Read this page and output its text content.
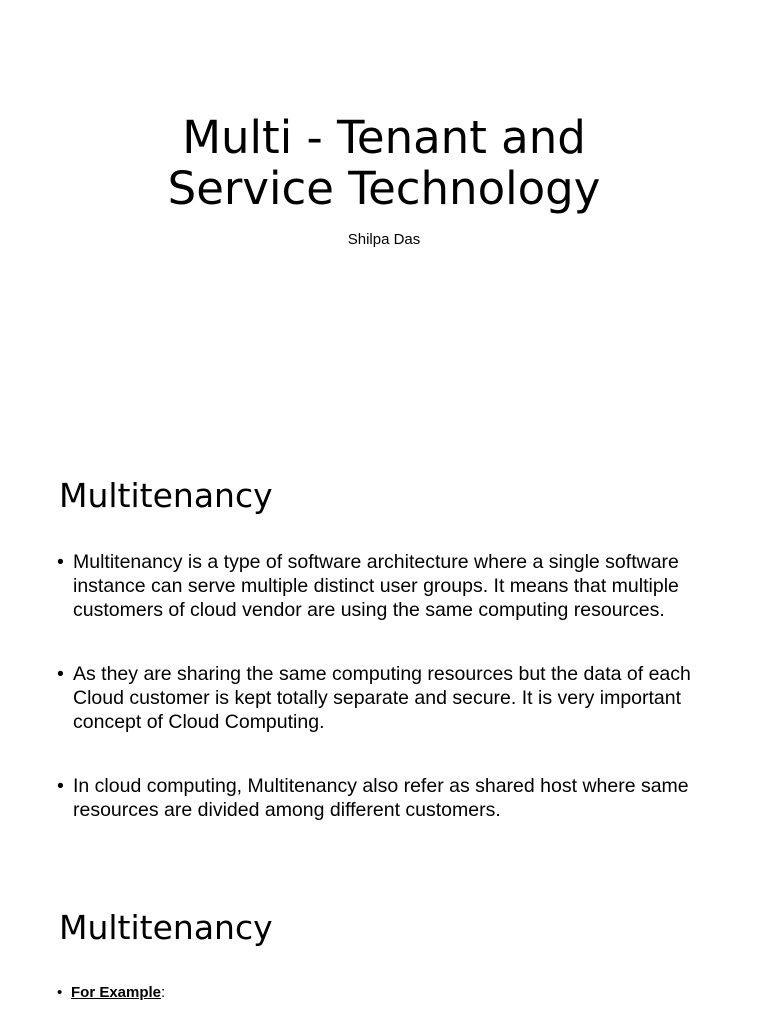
Multi - Tenant and
Service Technology
Shilpa Das
Multitenancy
• Multitenancy is a type of software architecture where a single software instance can serve multiple distinct user groups. It means that multiple customers of cloud vendor are using the same computing resources.
• As they are sharing the same computing resources but the data of each Cloud customer is kept totally separate and secure. It is very important concept of Cloud Computing.
• In cloud computing, Multitenancy also refer as shared host where same resources are divided among different customers.
Multitenancy
• For Example:
